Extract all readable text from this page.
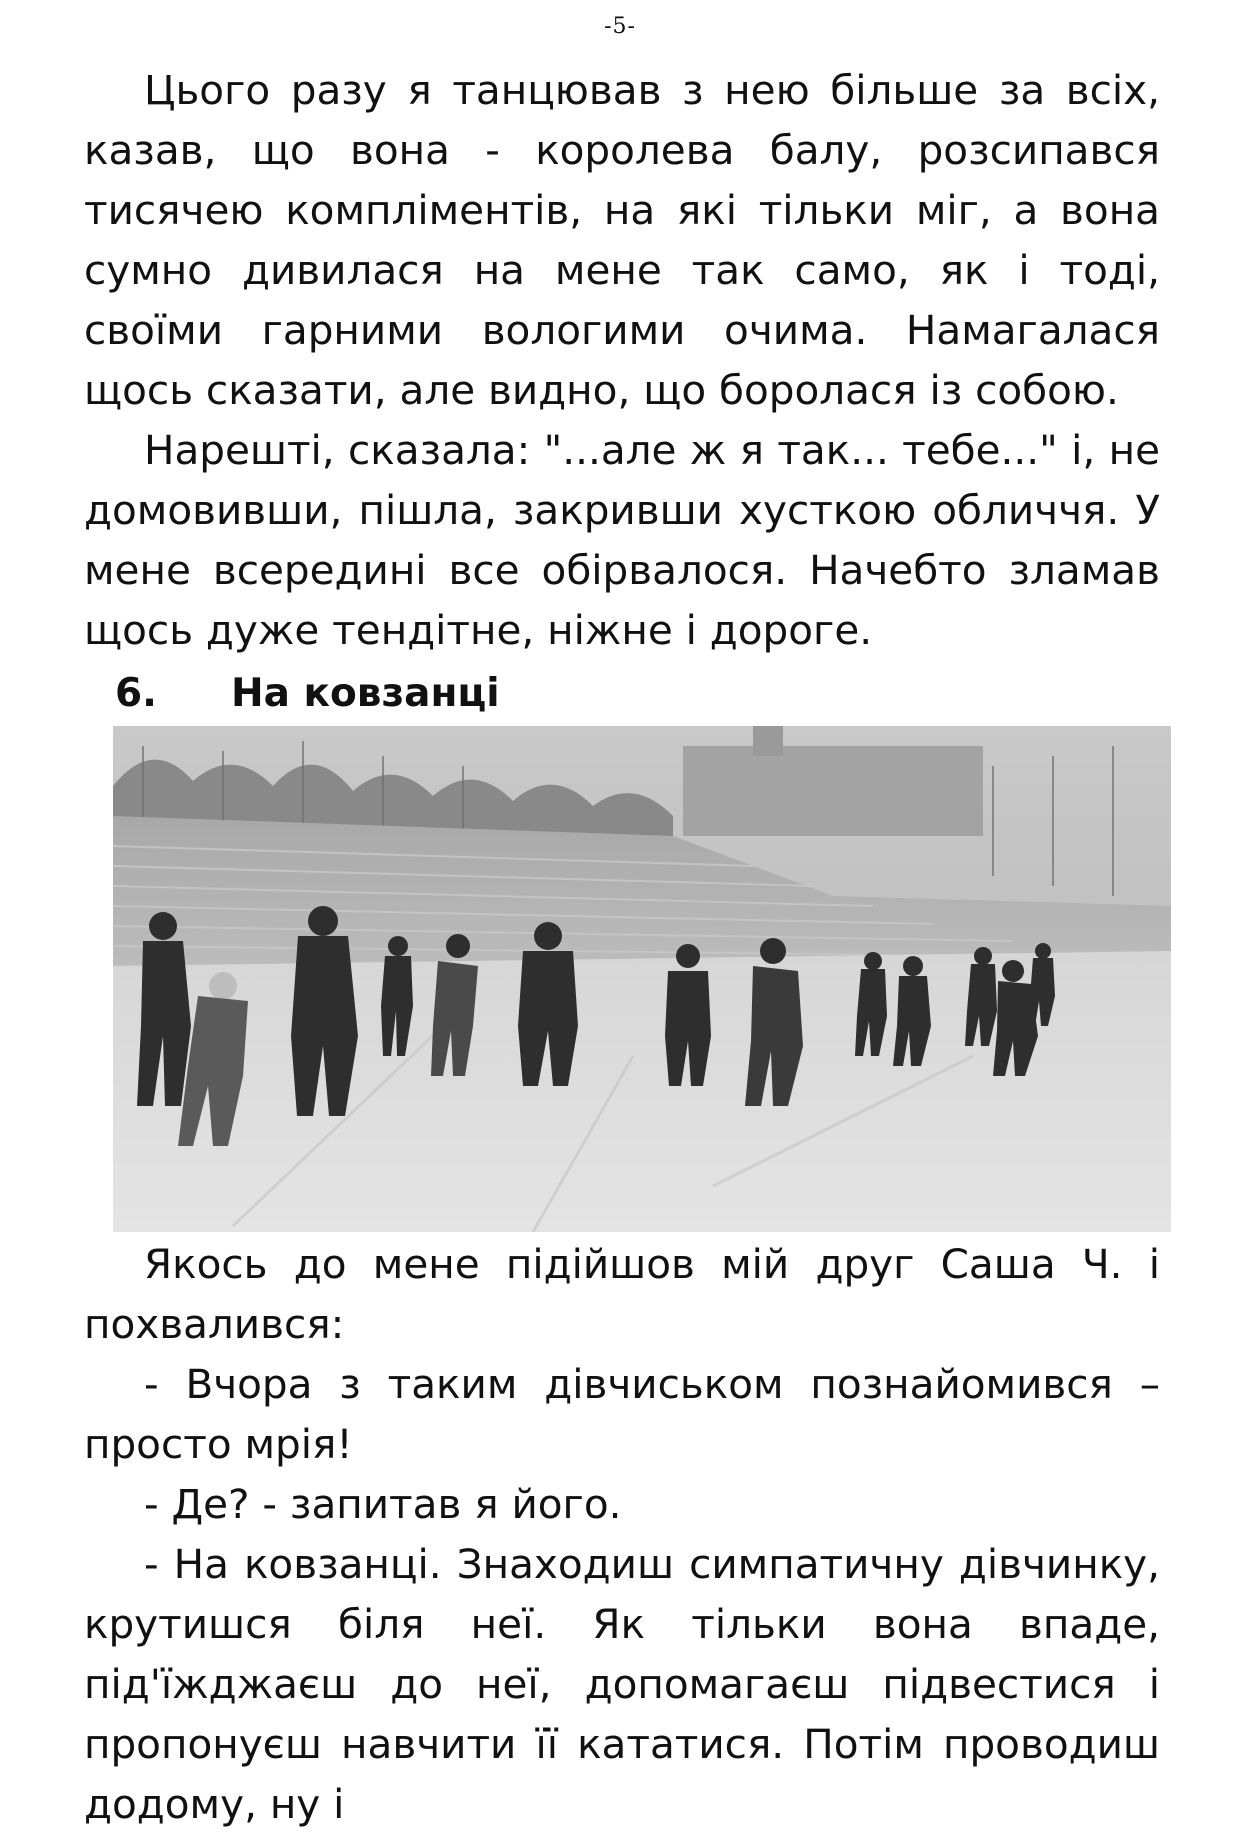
-5-

Цього разу я танцював з нею більше за всіх, казав, що вона - королева балу, розсипався тисячею компліментів, на які тільки міг, а вона сумно дивилася на мене так само, як і тоді, своїми гарними вологими очима. Намагалася щось сказати, але видно, що боролася із собою.

Нарешті, сказала: "...але ж я так... тебе..." і, не домовивши, пішла, закривши хусткою обличчя. У мене всередині все обірвалося. Начебто зламав щось дуже тендітне, ніжне і дороге.

6.	На ковзанці

Якось до мене підійшов мій друг Саша Ч. і похвалився:

- Вчора з таким дівчиськом познайомився – просто мрія!

- Де? - запитав я його.

- На ковзанці. Знаходиш симпатичну дівчинку, крутишся біля неї. Як тільки вона впаде, під'їжджаєш до неї, допомагаєш підвестися і пропонуєш навчити її кататися. Потім проводиш додому, ну і
